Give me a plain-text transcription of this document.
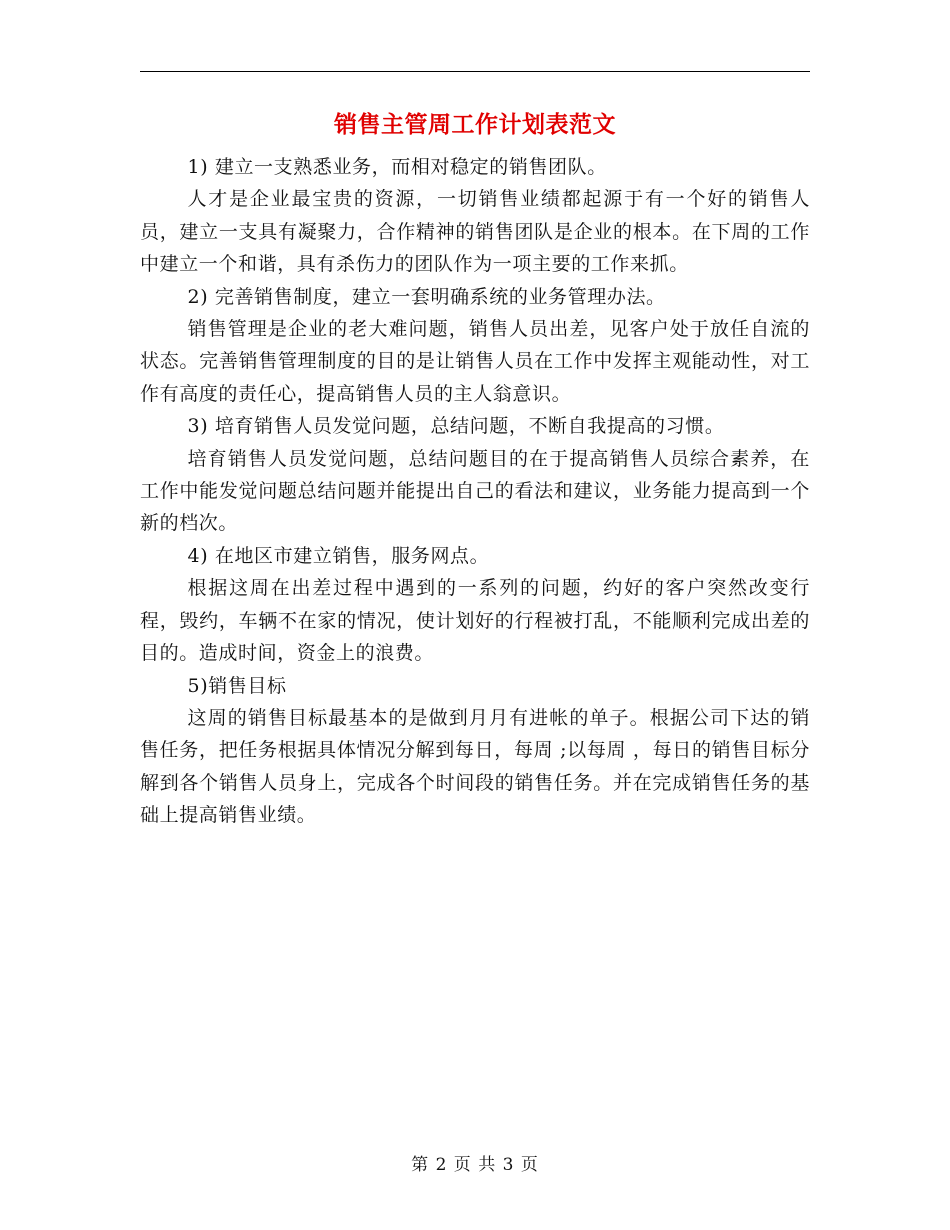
销售主管周工作计划表范文

1) 建立一支熟悉业务，而相对稳定的销售团队。

人才是企业最宝贵的资源，一切销售业绩都起源于有一个好的销售人员，建立一支具有凝聚力，合作精神的销售团队是企业的根本。在下周的工作中建立一个和谐，具有杀伤力的团队作为一项主要的工作来抓。

2) 完善销售制度，建立一套明确系统的业务管理办法。

销售管理是企业的老大难问题，销售人员出差，见客户处于放任自流的状态。完善销售管理制度的目的是让销售人员在工作中发挥主观能动性，对工作有高度的责任心，提高销售人员的主人翁意识。

3) 培育销售人员发觉问题，总结问题，不断自我提高的习惯。

培育销售人员发觉问题，总结问题目的在于提高销售人员综合素养，在工作中能发觉问题总结问题并能提出自己的看法和建议，业务能力提高到一个新的档次。

4) 在地区市建立销售，服务网点。

根据这周在出差过程中遇到的一系列的问题，约好的客户突然改变行程，毁约，车辆不在家的情况，使计划好的行程被打乱，不能顺利完成出差的目的。造成时间，资金上的浪费。

5)销售目标

这周的销售目标最基本的是做到月月有进帐的单子。根据公司下达的销售任务，把任务根据具体情况分解到每日，每周 ;以每周 ，每日的销售目标分解到各个销售人员身上，完成各个时间段的销售任务。并在完成销售任务的基础上提高销售业绩。

第 2 页 共 3 页
